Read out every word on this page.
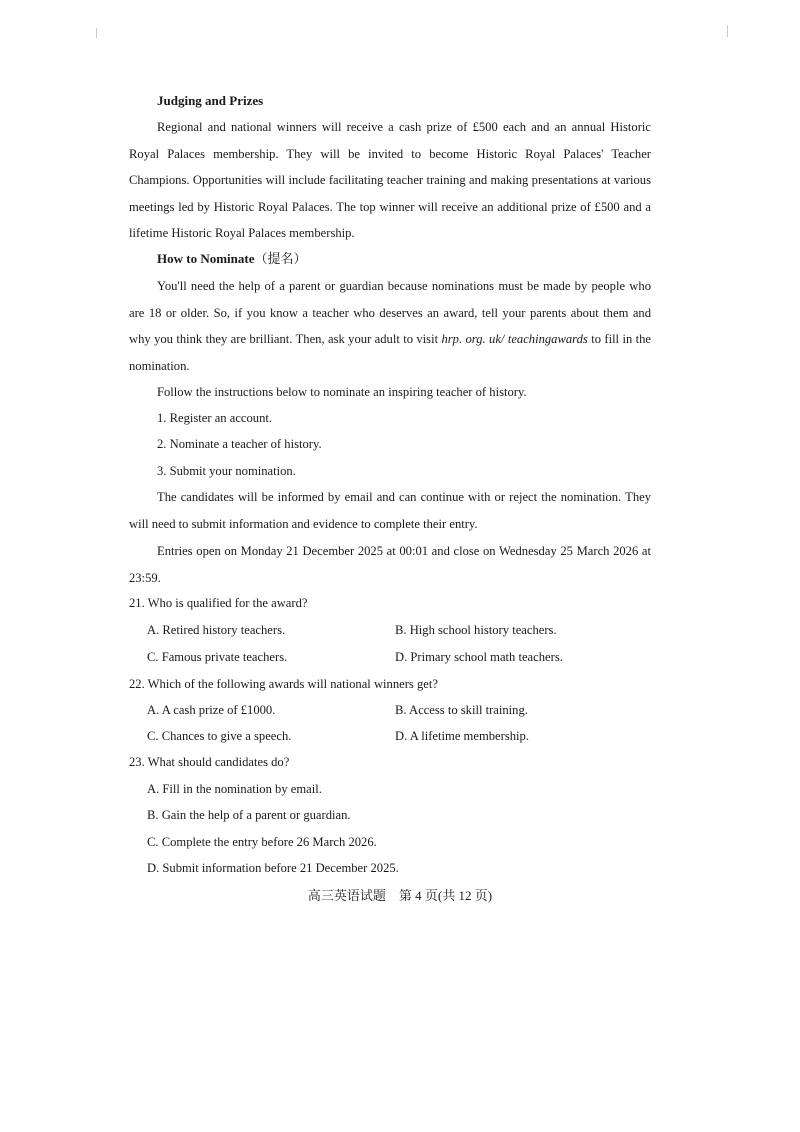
Judging and Prizes
Regional and national winners will receive a cash prize of £500 each and an annual Historic Royal Palaces membership. They will be invited to become Historic Royal Palaces' Teacher Champions. Opportunities will include facilitating teacher training and making presentations at various meetings led by Historic Royal Palaces. The top winner will receive an additional prize of £500 and a lifetime Historic Royal Palaces membership.
How to Nominate（提名）
You'll need the help of a parent or guardian because nominations must be made by people who are 18 or older. So, if you know a teacher who deserves an award, tell your parents about them and why you think they are brilliant. Then, ask your adult to visit hrp. org. uk/ teachingawards to fill in the nomination.
Follow the instructions below to nominate an inspiring teacher of history.
1. Register an account.
2. Nominate a teacher of history.
3. Submit your nomination.
The candidates will be informed by email and can continue with or reject the nomination. They will need to submit information and evidence to complete their entry.
Entries open on Monday 21 December 2025 at 00:01 and close on Wednesday 25 March 2026 at 23:59.
21. Who is qualified for the award?
A. Retired history teachers.	B. High school history teachers.
C. Famous private teachers.	D. Primary school math teachers.
22. Which of the following awards will national winners get?
A. A cash prize of £1000.	B. Access to skill training.
C. Chances to give a speech.	D. A lifetime membership.
23. What should candidates do?
A. Fill in the nomination by email.
B. Gain the help of a parent or guardian.
C. Complete the entry before 26 March 2026.
D. Submit information before 21 December 2025.
高三英语试题　第 4 页(共 12 页)
